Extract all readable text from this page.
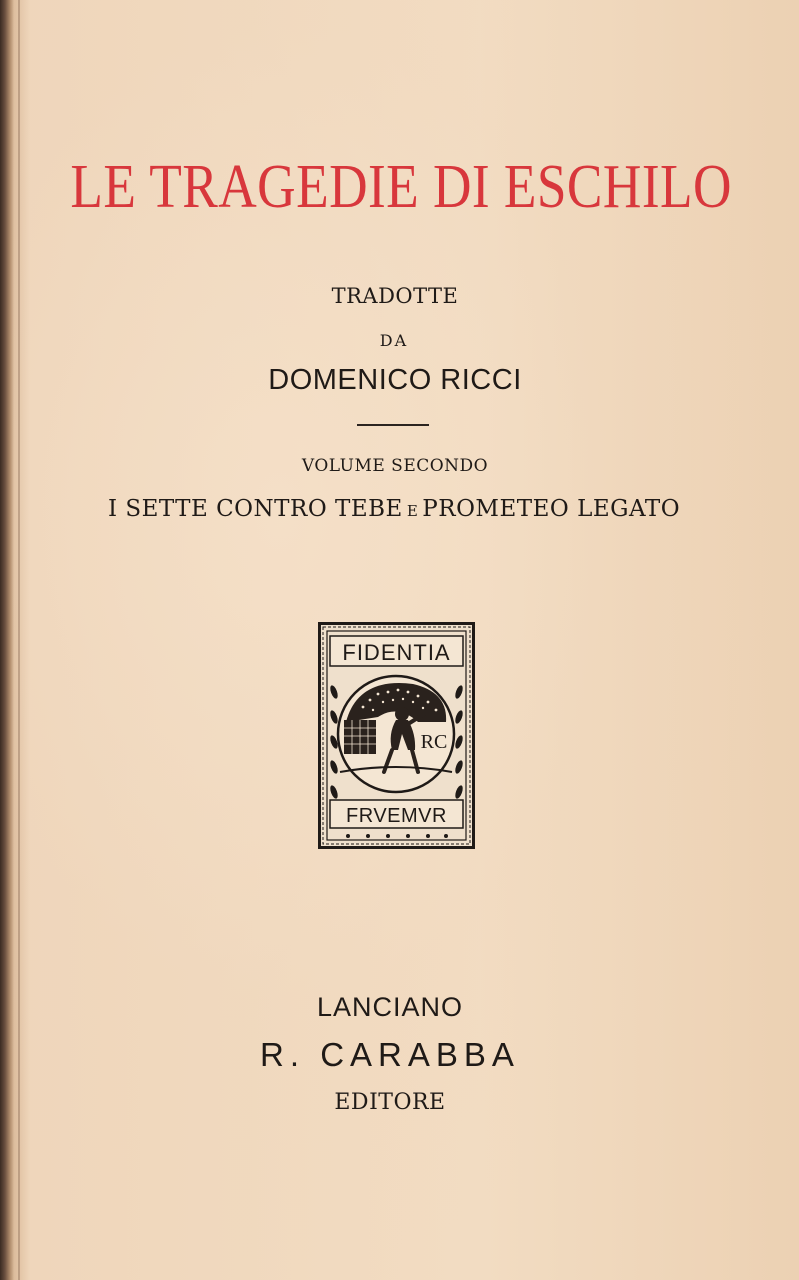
LE TRAGEDIE DI ESCHILO
TRADOTTE
DA
DOMENICO RICCI
VOLUME SECONDO
I SETTE CONTRO TEBE E PROMETEO LEGATO
FIDENTIA
RC
FRVEMVR
LANCIANO
R. CARABBA
EDITORE
